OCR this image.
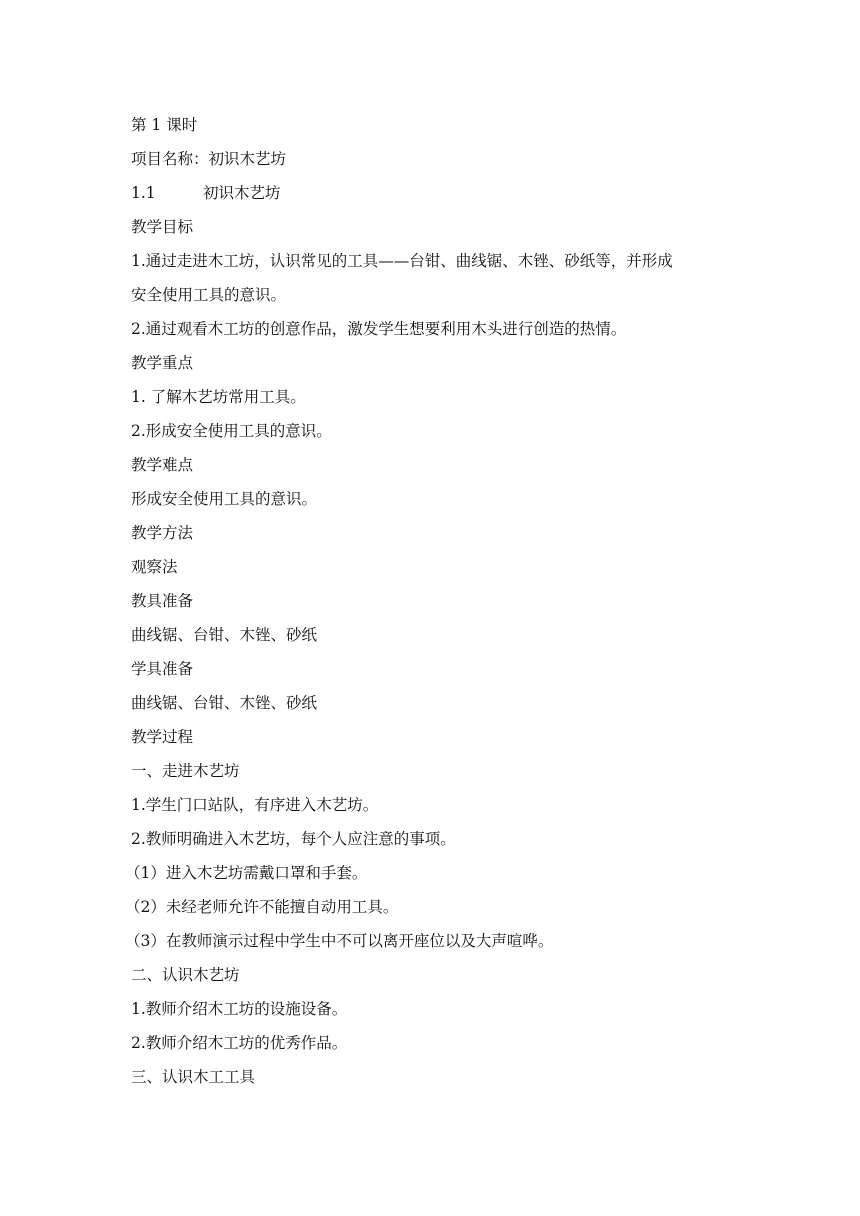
第 1 课时
项目名称：初识木艺坊
1.1	初识木艺坊
教学目标
1.通过走进木工坊，认识常见的工具——台钳、曲线锯、木锉、砂纸等，并形成
安全使用工具的意识。
2.通过观看木工坊的创意作品，激发学生想要利用木头进行创造的热情。
教学重点
1. 了解木艺坊常用工具。
2.形成安全使用工具的意识。
教学难点
形成安全使用工具的意识。
教学方法
观察法
教具准备
曲线锯、台钳、木锉、砂纸
学具准备
曲线锯、台钳、木锉、砂纸
教学过程
一、走进木艺坊
1.学生门口站队，有序进入木艺坊。
2.教师明确进入木艺坊，每个人应注意的事项。
（1）进入木艺坊需戴口罩和手套。
（2）未经老师允许不能擅自动用工具。
（3）在教师演示过程中学生中不可以离开座位以及大声喧哗。
二、认识木艺坊
1.教师介绍木工坊的设施设备。
2.教师介绍木工坊的优秀作品。
三、认识木工工具
